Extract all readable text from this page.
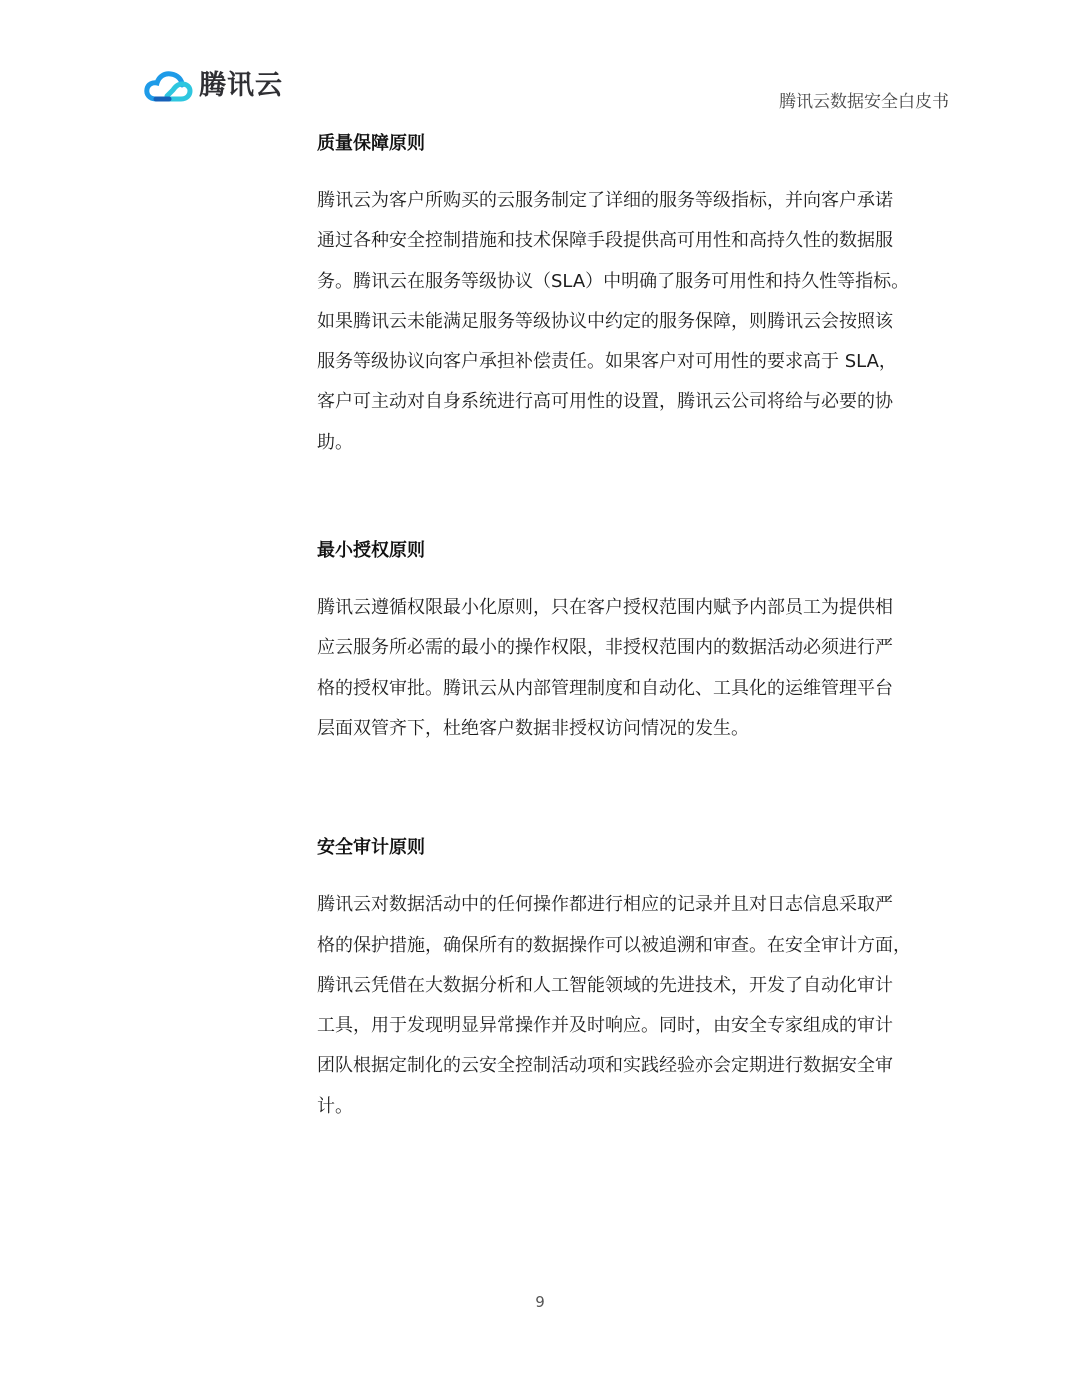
腾讯云
腾讯云数据安全白皮书
质量保障原则

腾讯云为客户所购买的云服务制定了详细的服务等级指标，并向客户承诺
通过各种安全控制措施和技术保障手段提供高可用性和高持久性的数据服
务。腾讯云在服务等级协议（SLA）中明确了服务可用性和持久性等指标。
如果腾讯云未能满足服务等级协议中约定的服务保障，则腾讯云会按照该
服务等级协议向客户承担补偿责任。如果客户对可用性的要求高于 SLA，
客户可主动对自身系统进行高可用性的设置，腾讯云公司将给与必要的协
助。

最小授权原则

腾讯云遵循权限最小化原则，只在客户授权范围内赋予内部员工为提供相
应云服务所必需的最小的操作权限，非授权范围内的数据活动必须进行严
格的授权审批。腾讯云从内部管理制度和自动化、工具化的运维管理平台
层面双管齐下，杜绝客户数据非授权访问情况的发生。

安全审计原则

腾讯云对数据活动中的任何操作都进行相应的记录并且对日志信息采取严
格的保护措施，确保所有的数据操作可以被追溯和审查。在安全审计方面，
腾讯云凭借在大数据分析和人工智能领域的先进技术，开发了自动化审计
工具，用于发现明显异常操作并及时响应。同时，由安全专家组成的审计
团队根据定制化的云安全控制活动项和实践经验亦会定期进行数据安全审
计。

9
